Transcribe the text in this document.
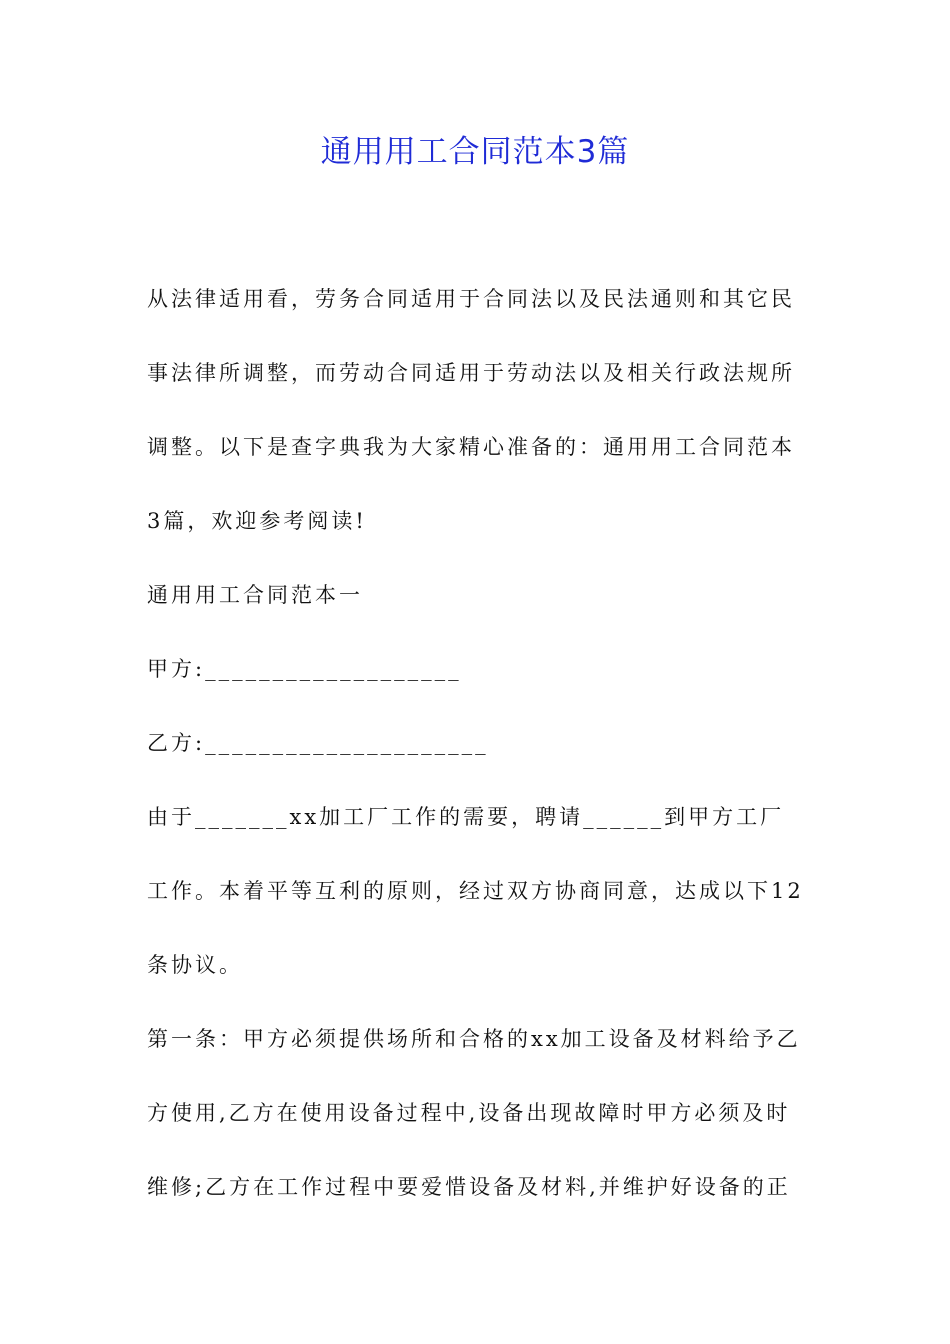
通用用工合同范本3篇

从法律适用看，劳务合同适用于合同法以及民法通则和其它民事法律所调整，而劳动合同适用于劳动法以及相关行政法规所调整。以下是查字典我为大家精心准备的：通用用工合同范本3篇，欢迎参考阅读!

通用用工合同范本一

甲方:___________________

乙方:_____________________

由于_______xx加工厂工作的需要，聘请______到甲方工厂工作。本着平等互利的原则，经过双方协商同意，达成以下12条协议。

第一条：甲方必须提供场所和合格的xx加工设备及材料给予乙方使用,乙方在使用设备过程中,设备出现故障时甲方必须及时维修;乙方在工作过程中要爱惜设备及材料,并维护好设备的正
